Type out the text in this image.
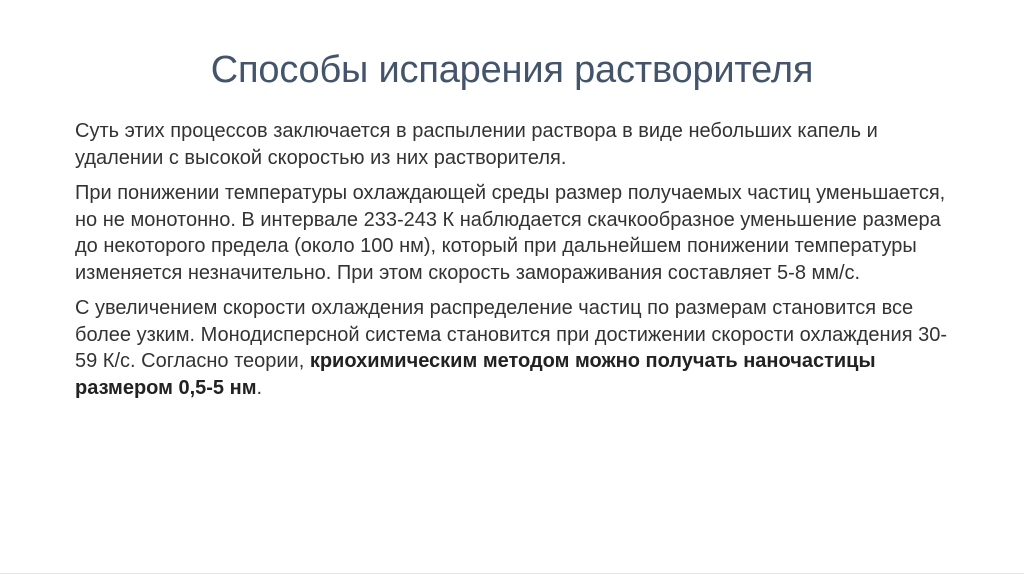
Способы испарения растворителя

Суть этих процессов заключается в распылении раствора в виде небольших капель и удалении с высокой скоростью из них растворителя.

При понижении температуры охлаждающей среды размер получаемых частиц уменьшается, но не монотонно. В интервале 233-243 К наблюдается скачкообразное уменьшение размера до некоторого предела (около 100 нм), который при дальнейшем понижении температуры изменяется незначительно. При этом скорость замораживания составляет 5-8 мм/с.

С увеличением скорости охлаждения распределение частиц по размерам становится все более узким. Монодисперсной система становится при достижении скорости охлаждения 30-59 К/с. Согласно теории, криохимическим методом можно получать наночастицы размером 0,5-5 нм.
